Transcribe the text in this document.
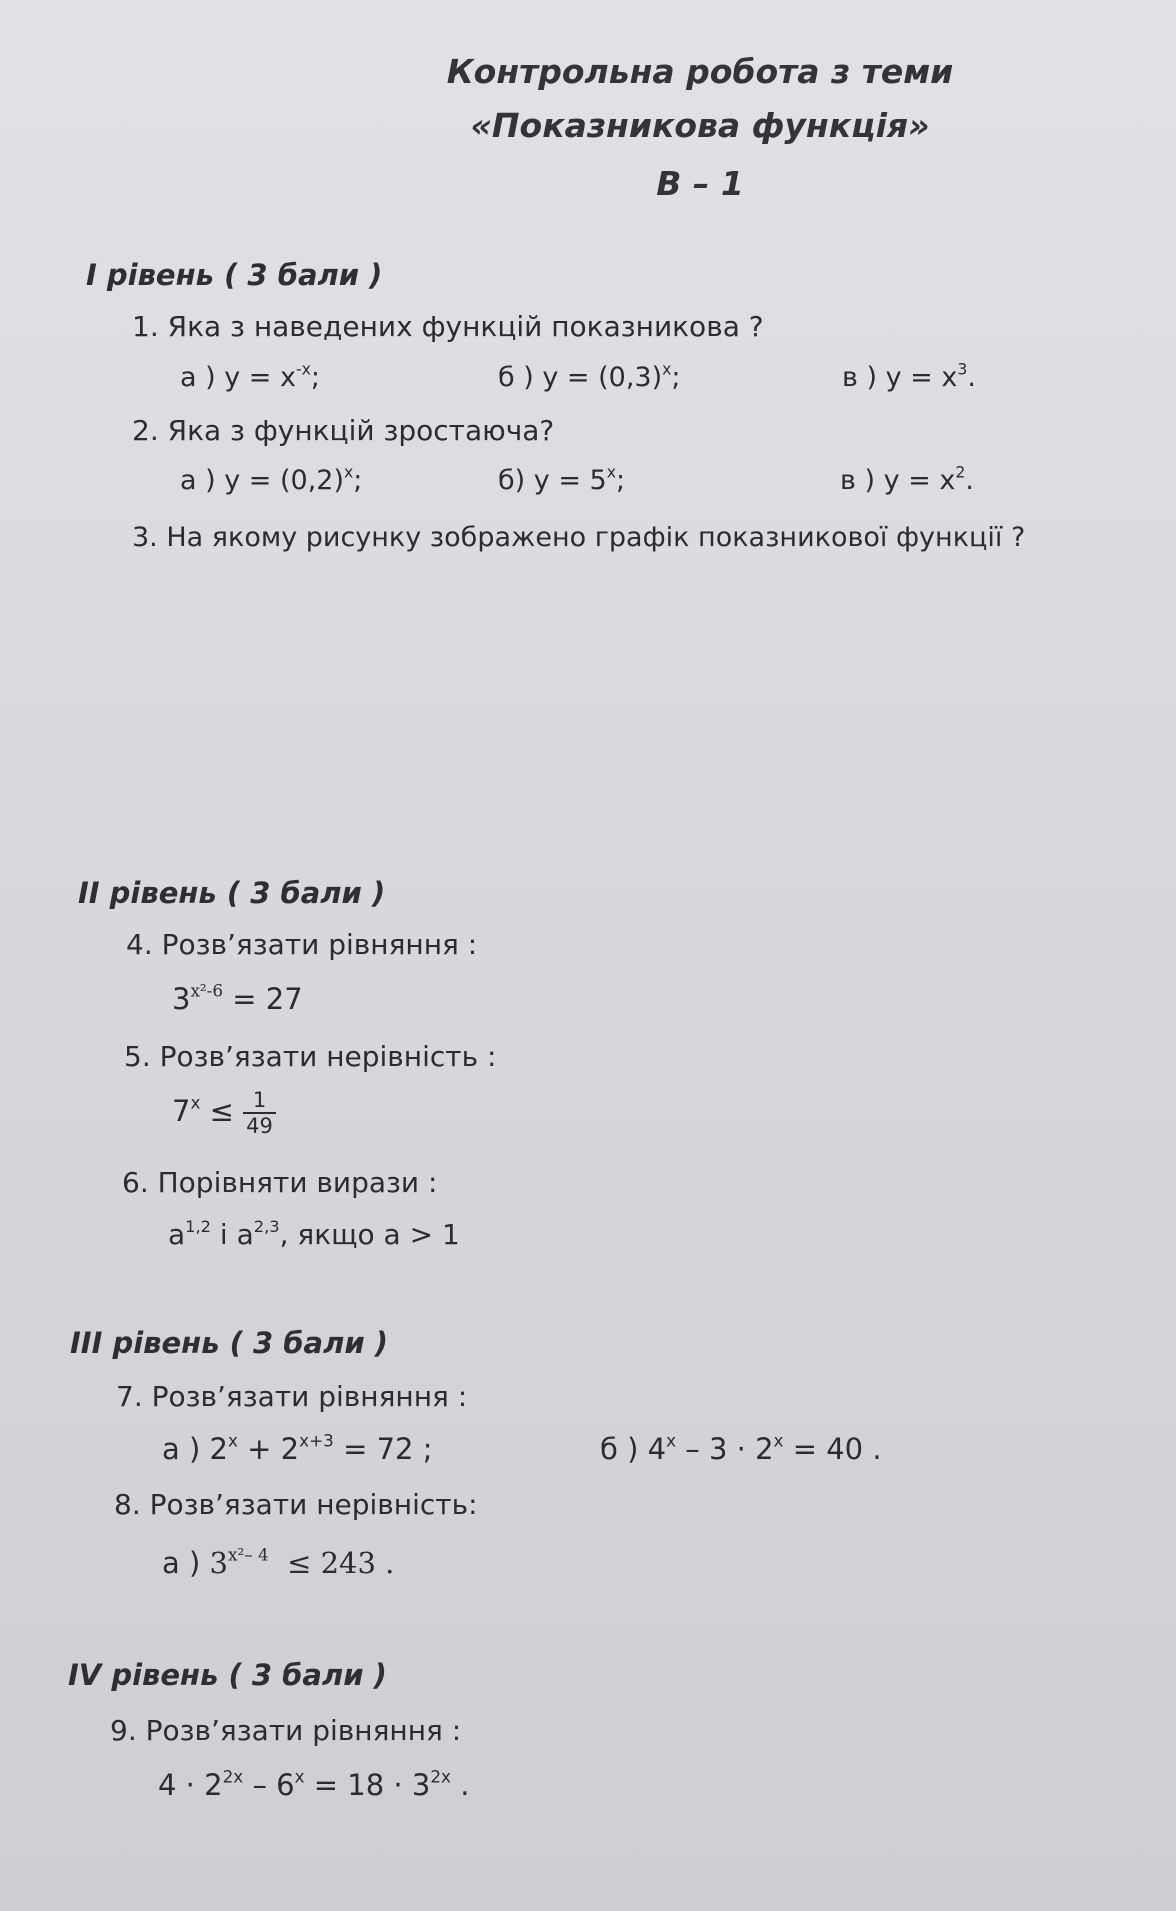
Контрольна робота з теми
«Показникова функція»
В – 1
І рівень ( 3 бали )
1. Яка з наведених функцій показникова ?
а ) $y = x^{-x}$;	б ) $y = (0,3)^x$;	в ) $y = x^3$.
2. Яка з функцій зростаюча?
а ) $y = (0,2)^x$;	б) $y = 5^x$;	в ) $y = x^2$.
3. На якому рисунку зображено графік показникової функції ?
ІІ рівень ( 3 бали )
4. Розв’язати рівняння :
$3^{x^2-6} = 27$
5. Розв’язати нерівність :
$7^x \le \frac{1}{49}$
6. Порівняти вирази :
$a^{1,2}$ і $a^{2,3}$, якщо a > 1
ІІІ рівень ( 3 бали )
7. Розв’язати рівняння :
а ) $2^x + 2^{x+3} = 72$ ;	б ) $4^x - 3 \cdot 2^x = 40$ .
8. Розв’язати нерівність:
а ) $3^{x^2- 4} \le 243$ .
IV рівень ( 3 бали )
9. Розв’язати рівняння :
$4 \cdot 2^{2x} - 6^x = 18 \cdot 3^{2x}$ .
